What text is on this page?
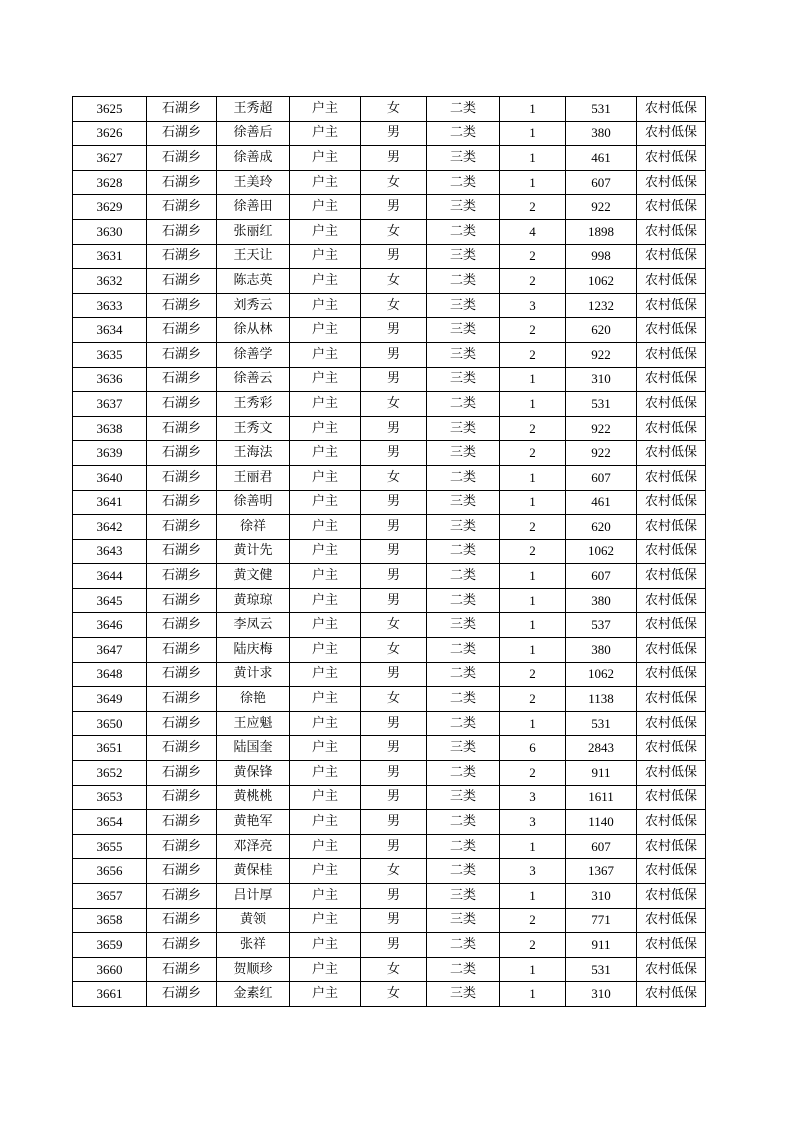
3625	石湖乡	王秀超	户主	女	二类	1	531	农村低保
3626	石湖乡	徐善后	户主	男	二类	1	380	农村低保
3627	石湖乡	徐善成	户主	男	三类	1	461	农村低保
3628	石湖乡	王美玲	户主	女	二类	1	607	农村低保
3629	石湖乡	徐善田	户主	男	三类	2	922	农村低保
3630	石湖乡	张丽红	户主	女	二类	4	1898	农村低保
3631	石湖乡	王天让	户主	男	三类	2	998	农村低保
3632	石湖乡	陈志英	户主	女	二类	2	1062	农村低保
3633	石湖乡	刘秀云	户主	女	三类	3	1232	农村低保
3634	石湖乡	徐从林	户主	男	三类	2	620	农村低保
3635	石湖乡	徐善学	户主	男	三类	2	922	农村低保
3636	石湖乡	徐善云	户主	男	三类	1	310	农村低保
3637	石湖乡	王秀彩	户主	女	二类	1	531	农村低保
3638	石湖乡	王秀文	户主	男	三类	2	922	农村低保
3639	石湖乡	王海法	户主	男	三类	2	922	农村低保
3640	石湖乡	王丽君	户主	女	二类	1	607	农村低保
3641	石湖乡	徐善明	户主	男	三类	1	461	农村低保
3642	石湖乡	徐祥	户主	男	三类	2	620	农村低保
3643	石湖乡	黄计先	户主	男	二类	2	1062	农村低保
3644	石湖乡	黄文健	户主	男	二类	1	607	农村低保
3645	石湖乡	黄琼琼	户主	男	二类	1	380	农村低保
3646	石湖乡	李凤云	户主	女	三类	1	537	农村低保
3647	石湖乡	陆庆梅	户主	女	二类	1	380	农村低保
3648	石湖乡	黄计求	户主	男	二类	2	1062	农村低保
3649	石湖乡	徐艳	户主	女	二类	2	1138	农村低保
3650	石湖乡	王应魁	户主	男	二类	1	531	农村低保
3651	石湖乡	陆国奎	户主	男	三类	6	2843	农村低保
3652	石湖乡	黄保锋	户主	男	二类	2	911	农村低保
3653	石湖乡	黄桃桃	户主	男	三类	3	1611	农村低保
3654	石湖乡	黄艳军	户主	男	二类	3	1140	农村低保
3655	石湖乡	邓泽亮	户主	男	二类	1	607	农村低保
3656	石湖乡	黄保桂	户主	女	二类	3	1367	农村低保
3657	石湖乡	吕计厚	户主	男	三类	1	310	农村低保
3658	石湖乡	黄领	户主	男	三类	2	771	农村低保
3659	石湖乡	张祥	户主	男	二类	2	911	农村低保
3660	石湖乡	贺顺珍	户主	女	二类	1	531	农村低保
3661	石湖乡	金素红	户主	女	三类	1	310	农村低保
